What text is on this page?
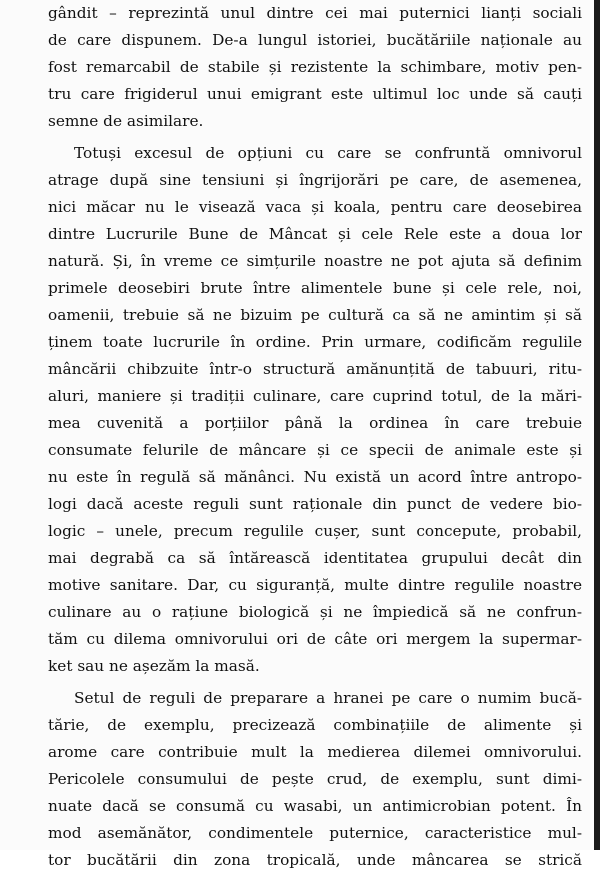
gândit – reprezintă unul dintre cei mai puternici lianți sociali
de care dispunem. De-a lungul istoriei, bucătăriile naționale au
fost remarcabil de stabile și rezistente la schimbare, motiv pen-
tru care frigiderul unui emigrant este ultimul loc unde să cauți
semne de asimilare.
Totuși excesul de opțiuni cu care se confruntă omnivorul
atrage după sine tensiuni și îngrijorări pe care, de asemenea,
nici măcar nu le visează vaca și koala, pentru care deosebirea
dintre Lucrurile Bune de Mâncat și cele Rele este a doua lor
natură. Și, în vreme ce simțurile noastre ne pot ajuta să definim
primele deosebiri brute între alimentele bune și cele rele, noi,
oamenii, trebuie să ne bizuim pe cultură ca să ne amintim și să
ținem toate lucrurile în ordine. Prin urmare, codificăm regulile
mâncării chibzuite într-o structură amănunțită de tabuuri, ritu-
aluri, maniere și tradiții culinare, care cuprind totul, de la mări-
mea cuvenită a porțiilor până la ordinea în care trebuie
consumate felurile de mâncare și ce specii de animale este și
nu este în regulă să mănânci. Nu există un acord între antropo-
logi dacă aceste reguli sunt raționale din punct de vedere bio-
logic – unele, precum regulile cușer, sunt concepute, probabil,
mai degrabă ca să întărească identitatea grupului decât din
motive sanitare. Dar, cu siguranță, multe dintre regulile noastre
culinare au o rațiune biologică și ne împiedică să ne confrun-
tăm cu dilema omnivorului ori de câte ori mergem la supermar-
ket sau ne așezăm la masă.
Setul de reguli de preparare a hranei pe care o numim bucă-
tărie, de exemplu, precizează combinațiile de alimente și
arome care contribuie mult la medierea dilemei omnivorului.
Pericolele consumului de pește crud, de exemplu, sunt dimi-
nuate dacă se consumă cu wasabi, un antimicrobian potent. În
mod asemănător, condimentele puternice, caracteristice mul-
tor bucătării din zona tropicală, unde mâncarea se strică
